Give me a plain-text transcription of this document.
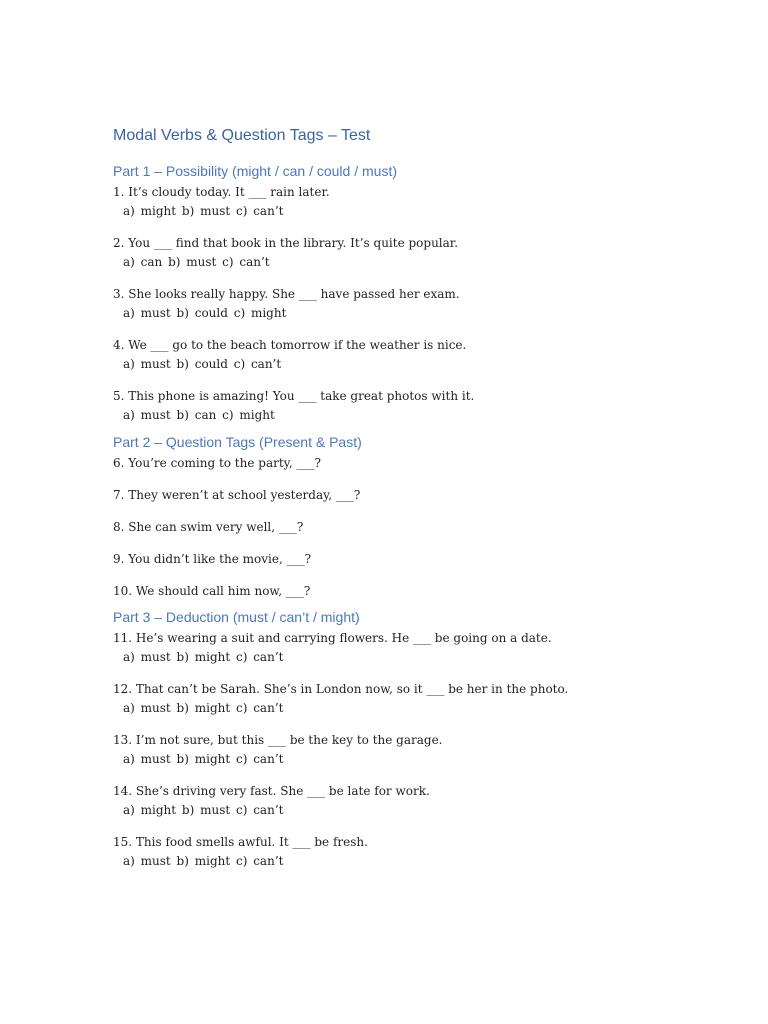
Modal Verbs & Question Tags – Test
Part 1 – Possibility (might / can / could / must)
1. It’s cloudy today. It ___ rain later.
a) might b) must c) can’t
2. You ___ find that book in the library. It’s quite popular.
a) can b) must c) can’t
3. She looks really happy. She ___ have passed her exam.
a) must b) could c) might
4. We ___ go to the beach tomorrow if the weather is nice.
a) must b) could c) can’t
5. This phone is amazing! You ___ take great photos with it.
a) must b) can c) might
Part 2 – Question Tags (Present & Past)
6. You’re coming to the party, ___?
7. They weren’t at school yesterday, ___?
8. She can swim very well, ___?
9. You didn’t like the movie, ___?
10. We should call him now, ___?
Part 3 – Deduction (must / can’t / might)
11. He’s wearing a suit and carrying flowers. He ___ be going on a date.
a) must b) might c) can’t
12. That can’t be Sarah. She’s in London now, so it ___ be her in the photo.
a) must b) might c) can’t
13. I’m not sure, but this ___ be the key to the garage.
a) must b) might c) can’t
14. She’s driving very fast. She ___ be late for work.
a) might b) must c) can’t
15. This food smells awful. It ___ be fresh.
a) must b) might c) can’t
